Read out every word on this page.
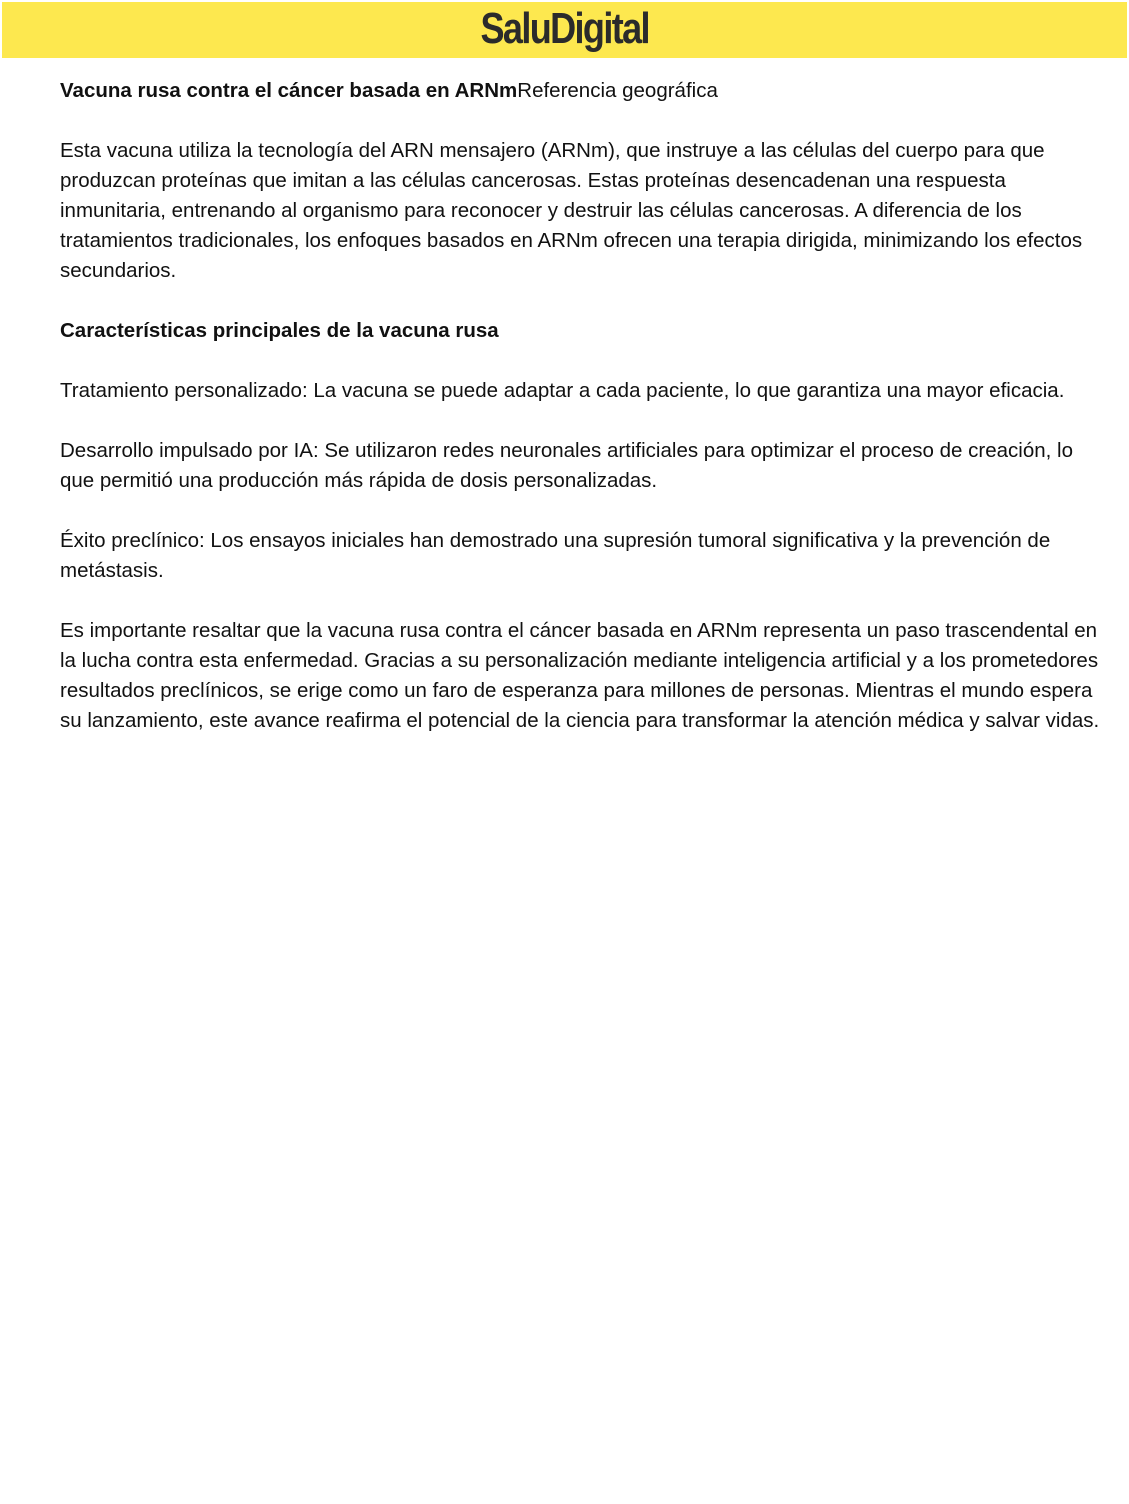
SaluDigital

Vacuna rusa contra el cáncer basada en ARNmReferencia geográfica

Esta vacuna utiliza la tecnología del ARN mensajero (ARNm), que instruye a las células del cuerpo para que produzcan proteínas que imitan a las células cancerosas. Estas proteínas desencadenan una respuesta inmunitaria, entrenando al organismo para reconocer y destruir las células cancerosas. A diferencia de los tratamientos tradicionales, los enfoques basados en ARNm ofrecen una terapia dirigida, minimizando los efectos secundarios.

Características principales de la vacuna rusa

Tratamiento personalizado: La vacuna se puede adaptar a cada paciente, lo que garantiza una mayor eficacia.

Desarrollo impulsado por IA: Se utilizaron redes neuronales artificiales para optimizar el proceso de creación, lo que permitió una producción más rápida de dosis personalizadas.

Éxito preclínico: Los ensayos iniciales han demostrado una supresión tumoral significativa y la prevención de metástasis.

Es importante resaltar que la vacuna rusa contra el cáncer basada en ARNm representa un paso trascendental en la lucha contra esta enfermedad. Gracias a su personalización mediante inteligencia artificial y a los prometedores resultados preclínicos, se erige como un faro de esperanza para millones de personas. Mientras el mundo espera su lanzamiento, este avance reafirma el potencial de la ciencia para transformar la atención médica y salvar vidas.
